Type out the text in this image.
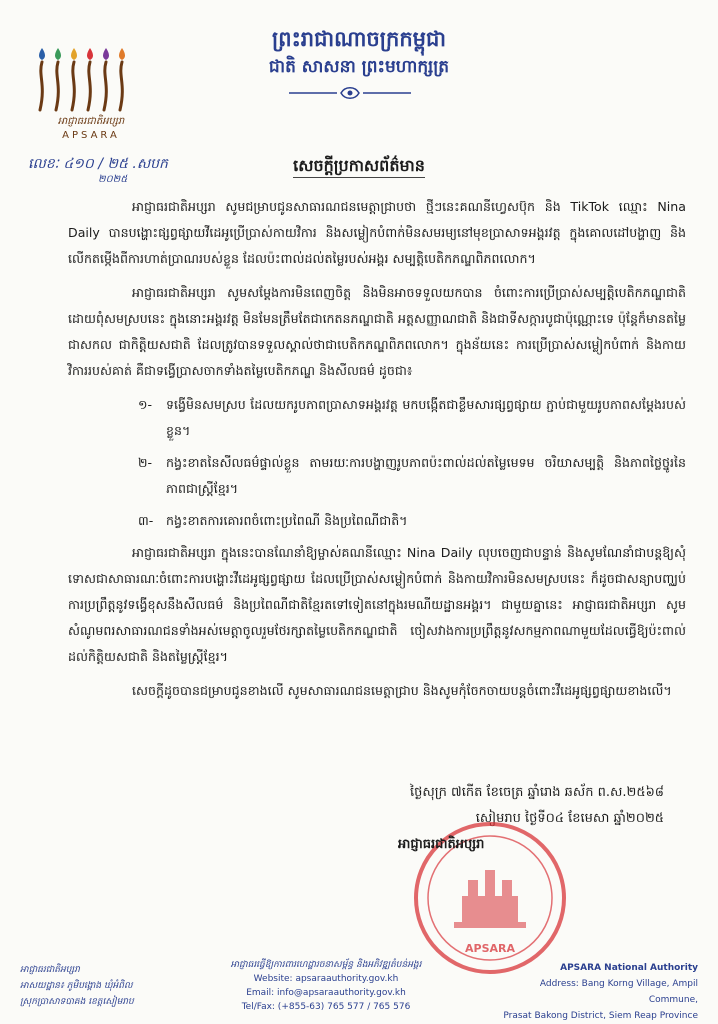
អាជ្ញាធរជាតិអប្សរា
APSARA
ព្រះរាជាណាចក្រកម្ពុជា
ជាតិ សាសនា ព្រះមហាក្សត្រ
លេខៈ ៤១០ / ២៥ .សបក
២០២៥
សេចក្តីប្រកាសព័ត៌មាន

អាជ្ញាធរជាតិអប្សរា សូមជម្រាបជូនសាធារណជនមេត្តាជ្រាបថា ថ្មីៗនេះគណនីហ្វេសប៊ុក និង TikTok ឈ្មោះ Nina Daily បានបង្ហោះផ្សព្វផ្សាយវីដេអូប្រើប្រាស់កាយវិការ និងសម្លៀកបំពាក់មិនសមរម្យនៅមុខប្រាសាទអង្គរវត្ត ក្នុងគោលដៅបង្ហាញ និងលើកតម្កើងពីការហាត់ប្រាណរបស់ខ្លួន ដែលប៉ះពាល់ដល់តម្លៃរបស់អង្គរ សម្បត្តិបេតិកភណ្ឌពិភពលោក។

អាជ្ញាធរជាតិអប្សរា សូមសម្តែងការមិនពេញចិត្ត និងមិនអាចទទួលយកបាន ចំពោះការប្រើប្រាស់សម្បត្តិបេតិកភណ្ឌជាតិដោយពុំសមស្របនេះ ក្នុងនោះអង្គរវត្ត មិនមែនត្រឹមតែជាកេតនភណ្ឌជាតិ អត្តសញ្ញាណជាតិ និងជាទីសក្ការបូជាប៉ុណ្ណោះទេ ប៉ុន្តែក៏មានតម្លៃជាសកល ជាកិត្តិយសជាតិ ដែលត្រូវបានទទួលស្គាល់ថាជាបេតិកភណ្ឌពិភពលោក។ ក្នុងន័យនេះ ការប្រើប្រាស់សម្លៀកបំពាក់ និងកាយវិការរបស់គាត់ គឺជាទង្វើប្រាសចាកទាំងតម្លៃបេតិកភណ្ឌ និងសីលធម៌ ដូចជា៖

១- ទង្វើមិនសមស្រប ដែលយករូបភាពប្រាសាទអង្គរវត្ត មកបង្កើតជាខ្លឹមសារផ្សព្វផ្សាយ ភ្ជាប់ជាមួយរូបភាពសម្តែងរបស់ខ្លួន។
២- កង្វះខាតនៃសីលធម៌ផ្ទាល់ខ្លួន តាមរយៈការបង្ហាញរូបភាពប៉ះពាល់ដល់តម្លៃមេទម ចរិយាសម្បត្តិ និងភាពថ្លៃថ្នូរនៃភាពជាស្ត្រីខ្មែរ។
៣- កង្វះខាតការគោរពចំពោះប្រពៃណី និងប្រពៃណីជាតិ។

អាជ្ញាធរជាតិអប្សរា ក្នុងនេះបានណែនាំឱ្យម្ចាស់គណនីឈ្មោះ Nina Daily លុបចេញជាបន្ទាន់ និងសូមណែនាំជាបន្តឱ្យសុំទោសជាសាធារណៈចំពោះការបង្ហោះវីដេអូផ្សព្វផ្សាយ ដែលប្រើប្រាស់សម្លៀកបំពាក់ និងកាយវិការមិនសមស្របនេះ ក៏ដូចជាសន្យាបញ្ឈប់ការប្រព្រឹត្តនូវទង្វើខុសនឹងសីលធម៌ និងប្រពៃណីជាតិខ្មែរតទៅទៀតនៅក្នុងរមណីយដ្ឋានអង្គរ។ ជាមួយគ្នានេះ អាជ្ញាធរជាតិអប្សរា សូមសំណូមពរសាធារណជនទាំងអស់មេត្តាចូលរួមថែរក្សាតម្លៃបេតិកភណ្ឌជាតិ ចៀសវាងការប្រព្រឹត្តនូវសកម្មភាពណាមួយដែលធ្វើឱ្យប៉ះពាល់ដល់កិត្តិយសជាតិ និងតម្លៃស្ត្រីខ្មែរ។

សេចក្តីដូចបានជម្រាបជូនខាងលើ សូមសាធារណជនមេត្តាជ្រាប និងសូមកុំចែកចាយបន្តចំពោះវីដេអូផ្សព្វផ្សាយខាងលើ។

ថ្ងៃសុក្រ ៧កើត ខែចេត្រ ឆ្នាំរោង ឆស័ក ព.ស.២៥៦៨
សៀមរាប ថ្ងៃទី០៤ ខែមេសា ឆ្នាំ២០២៥
APSARA
អាជ្ញាធរជាតិអប្សរា
អាជ្ញាធរជាតិអប្សរា
អាសយដ្ឋាន៖ ភូមិបង្គោង ឃុំអំពិល
ស្រុកប្រាសាទបាគង ខេត្តសៀមរាប
អាជ្ញាធរធ្វើឱ្យការពារហេដ្ឋារចនាសម្ព័ន្ធ និងអភិវឌ្ឍតំបន់អង្គរ
Website: apsaraauthority.gov.kh
Email: info@apsaraauthority.gov.kh
Tel/Fax: (+855-63) 765 577 / 765 576
APSARA National Authority
Address: Bang Korng Village, Ampil Commune,
Prasat Bakong District, Siem Reap Province
